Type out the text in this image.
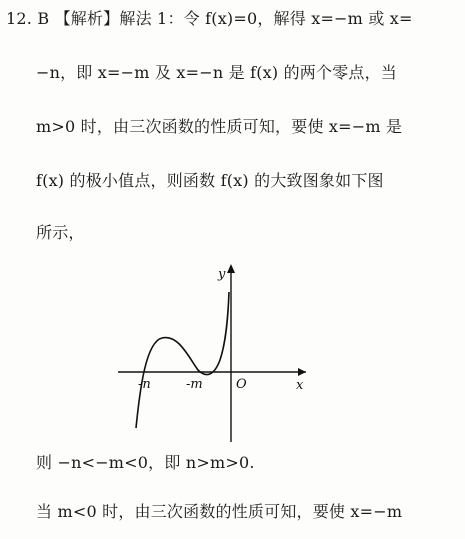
12. B 【解析】解法 1：令 f(x)=0，解得 x=−m 或 x=
−n，即 x=−m 及 x=−n 是 f(x) 的两个零点，当
m>0 时，由三次函数的性质可知，要使 x=−m 是
f(x) 的极小值点，则函数 f(x) 的大致图象如下图
所示，
y
x
O
-n	-m
则 −n<−m<0，即 n>m>0.
当 m<0 时，由三次函数的性质可知，要使 x=−m
